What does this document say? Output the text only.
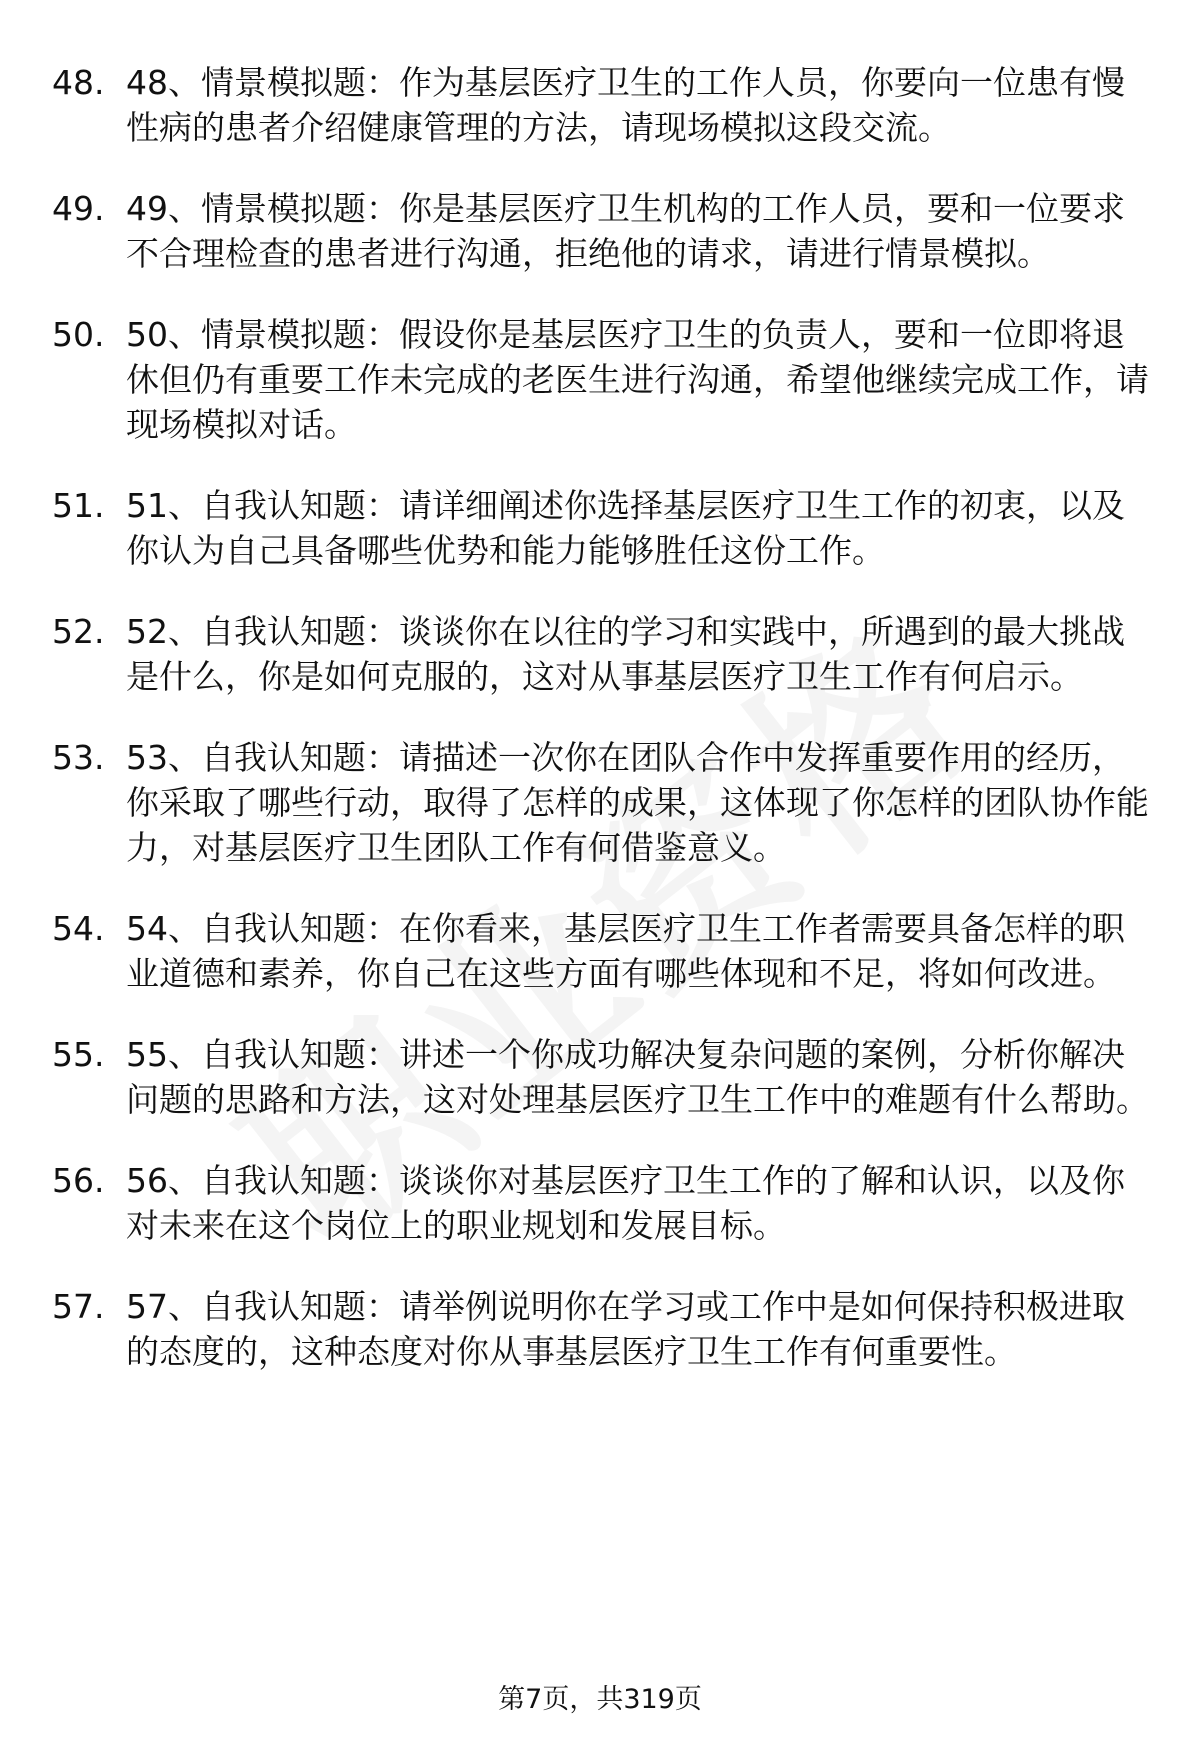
48. 48、情景模拟题：作为基层医疗卫生的工作人员，你要向一位患有慢性病的患者介绍健康管理的方法，请现场模拟这段交流。
49. 49、情景模拟题：你是基层医疗卫生机构的工作人员，要和一位要求不合理检查的患者进行沟通，拒绝他的请求，请进行情景模拟。
50. 50、情景模拟题：假设你是基层医疗卫生的负责人，要和一位即将退休但仍有重要工作未完成的老医生进行沟通，希望他继续完成工作，请现场模拟对话。
51. 51、自我认知题：请详细阐述你选择基层医疗卫生工作的初衷，以及你认为自己具备哪些优势和能力能够胜任这份工作。
52. 52、自我认知题：谈谈你在以往的学习和实践中，所遇到的最大挑战是什么，你是如何克服的，这对从事基层医疗卫生工作有何启示。
53. 53、自我认知题：请描述一次你在团队合作中发挥重要作用的经历，你采取了哪些行动，取得了怎样的成果，这体现了你怎样的团队协作能力，对基层医疗卫生团队工作有何借鉴意义。
54. 54、自我认知题：在你看来，基层医疗卫生工作者需要具备怎样的职业道德和素养，你自己在这些方面有哪些体现和不足，将如何改进。
55. 55、自我认知题：讲述一个你成功解决复杂问题的案例，分析你解决问题的思路和方法，这对处理基层医疗卫生工作中的难题有什么帮助。
56. 56、自我认知题：谈谈你对基层医疗卫生工作的了解和认识，以及你对未来在这个岗位上的职业规划和发展目标。
57. 57、自我认知题：请举例说明你在学习或工作中是如何保持积极进取的态度的，这种态度对你从事基层医疗卫生工作有何重要性。
第7页，共319页
